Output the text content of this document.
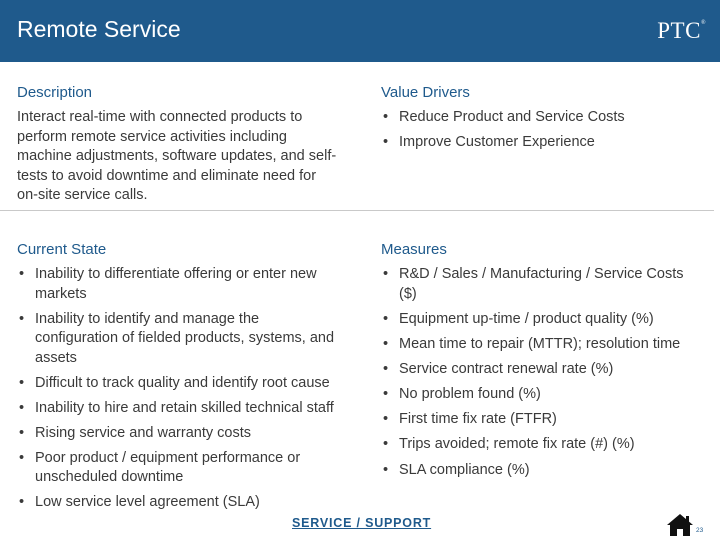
Remote Service	PTC®
Description
Interact real-time with connected products to perform remote service activities including machine adjustments, software updates, and self-tests to avoid downtime and eliminate need for on-site service calls.
Value Drivers
• Reduce Product and Service Costs
• Improve Customer Experience
Current State
• Inability to differentiate offering or enter new markets
• Inability to identify and manage the configuration of fielded products, systems, and assets
• Difficult to track quality and identify root cause
• Inability to hire and retain skilled technical staff
• Rising service and warranty costs
• Poor product / equipment performance or unscheduled downtime
• Low service level agreement (SLA)
Measures
• R&D / Sales / Manufacturing / Service Costs ($)
• Equipment up-time / product quality (%)
• Mean time to repair (MTTR); resolution time
• Service contract renewal rate (%)
• No problem found (%)
• First time fix rate (FTFR)
• Trips avoided; remote fix rate (#) (%)
• SLA compliance (%)
SERVICE / SUPPORT
23
